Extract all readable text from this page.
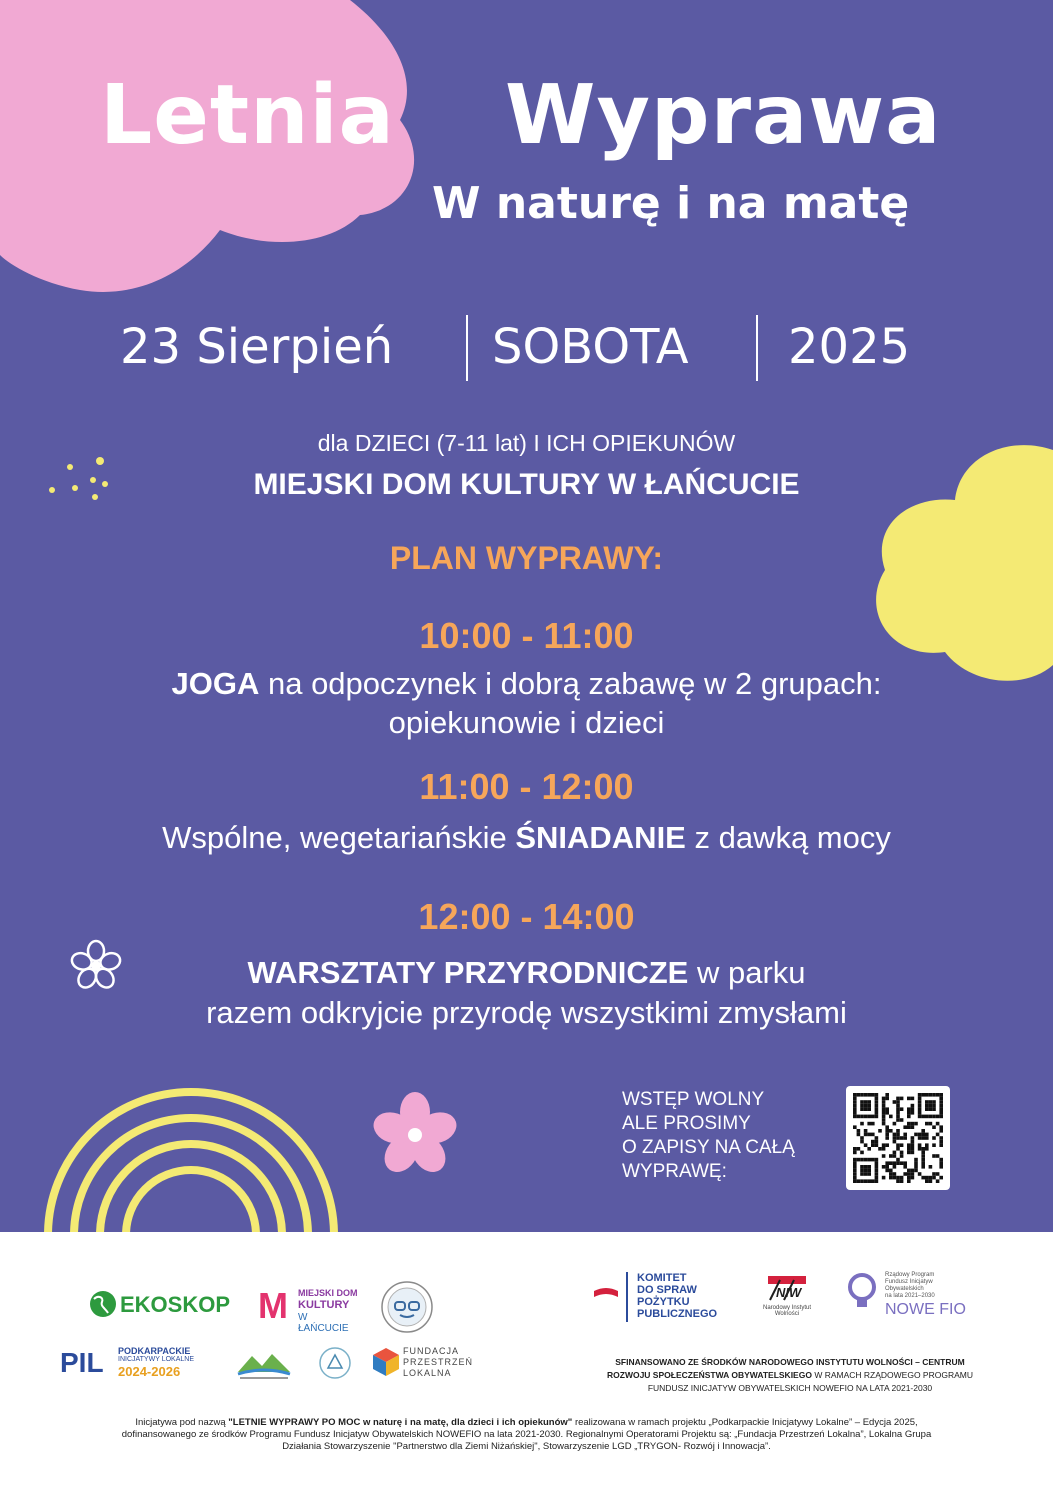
Letnia Wyprawa
W naturę i na matę
23 Sierpień SOBOTA 2025
dla DZIECI (7-11 lat) I ICH OPIEKUNÓW
MIEJSKI DOM KULTURY W ŁAŃCUCIE
PLAN WYPRAWY:
10:00 - 11:00
JOGA na odpoczynek i dobrą zabawę w 2 grupach:
opiekunowie i dzieci
11:00 - 12:00
Wspólne, wegetariańskie ŚNIADANIE z dawką mocy
12:00 - 14:00
WARSZTATY PRZYRODNICZE w parku
razem odkryjcie przyrodę wszystkimi zmysłami
WSTĘP WOLNY
ALE PROSIMY
O ZAPISY NA CAŁĄ
WYPRAWĘ:
EKOSKOP M MIEJSKI DOM
KULTURY
W ŁAŃCUCIE
PIL PODKARPACKIE
INICJATYWY LOKALNE
2024-2026
FUNDACJA
PRZESTRZEŃ
LOKALNA
KOMITET
DO SPRAW
POŻYTKU
PUBLICZNEGO
NIW
Narodowy Instytut Wolności
Rządowy Program
Fundusz Inicjatyw
Obywatelskich
na lata 2021–2030
NOWE FIO
SFINANSOWANO ZE ŚRODKÓW NARODOWEGO INSTYTUTU WOLNOŚCI – CENTRUM
ROZWOJU SPOŁECZEŃSTWA OBYWATELSKIEGO W RAMACH RZĄDOWEGO PROGRAMU
FUNDUSZ INICJATYW OBYWATELSKICH NOWEFIO NA LATA 2021-2030
Inicjatywa pod nazwą "LETNIE WYPRAWY PO MOC w naturę i na matę, dla dzieci i ich opiekunów" realizowana w ramach projektu „Podkarpackie Inicjatywy Lokalne” – Edycja 2025,
dofinansowanego ze środków Programu Fundusz Inicjatyw Obywatelskich NOWEFIO na lata 2021-2030. Regionalnymi Operatorami Projektu są: „Fundacja Przestrzeń Lokalna”, Lokalna Grupa
Działania Stowarzyszenie "Partnerstwo dla Ziemi Niżańskiej", Stowarzyszenie LGD „TRYGON- Rozwój i Innowacja”.
